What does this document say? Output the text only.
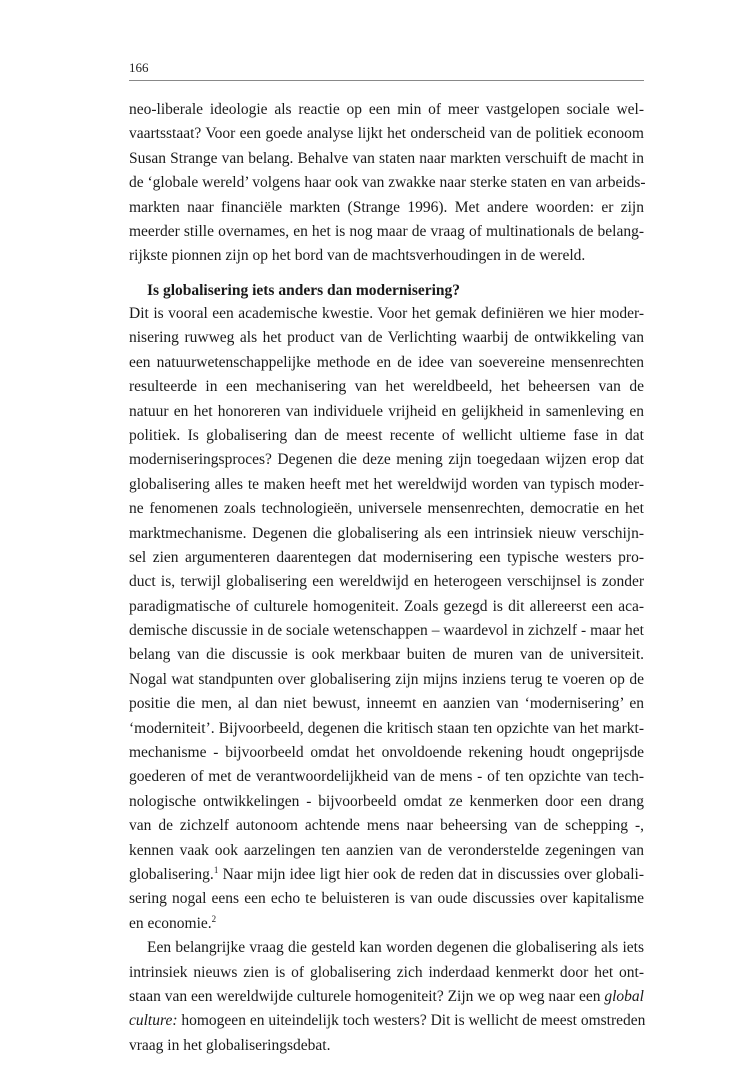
166
neo-liberale ideologie als reactie op een min of meer vastgelopen sociale wel-
vaartsstaat? Voor een goede analyse lijkt het onderscheid van de politiek econoom
Susan Strange van belang. Behalve van staten naar markten verschuift de macht in
de ‘globale wereld’ volgens haar ook van zwakke naar sterke staten en van arbeids-
markten naar financiële markten (Strange 1996). Met andere woorden: er zijn
meerder stille overnames, en het is nog maar de vraag of multinationals de belang-
rijkste pionnen zijn op het bord van de machtsverhoudingen in de wereld.
Is globalisering iets anders dan modernisering?
Dit is vooral een academische kwestie. Voor het gemak definiëren we hier moder-
nisering ruwweg als het product van de Verlichting waarbij de ontwikkeling van
een natuurwetenschappelijke methode en de idee van soevereine mensenrechten
resulteerde in een mechanisering van het wereldbeeld, het beheersen van de
natuur en het honoreren van individuele vrijheid en gelijkheid in samenleving en
politiek. Is globalisering dan de meest recente of wellicht ultieme fase in dat
moderniseringsproces? Degenen die deze mening zijn toegedaan wijzen erop dat
globalisering alles te maken heeft met het wereldwijd worden van typisch moder-
ne fenomenen zoals technologieën, universele mensenrechten, democratie en het
marktmechanisme. Degenen die globalisering als een intrinsiek nieuw verschijn-
sel zien argumenteren daarentegen dat modernisering een typische westers pro-
duct is, terwijl globalisering een wereldwijd en heterogeen verschijnsel is zonder
paradigmatische of culturele homogeniteit. Zoals gezegd is dit allereerst een aca-
demische discussie in de sociale wetenschappen – waardevol in zichzelf - maar het
belang van die discussie is ook merkbaar buiten de muren van de universiteit.
Nogal wat standpunten over globalisering zijn mijns inziens terug te voeren op de
positie die men, al dan niet bewust, inneemt en aanzien van ‘modernisering’ en
‘moderniteit’. Bijvoorbeeld, degenen die kritisch staan ten opzichte van het markt-
mechanisme - bijvoorbeeld omdat het onvoldoende rekening houdt ongeprijsde
goederen of met de verantwoordelijkheid van de mens - of ten opzichte van tech-
nologische ontwikkelingen - bijvoorbeeld omdat ze kenmerken door een drang
van de zichzelf autonoom achtende mens naar beheersing van de schepping -,
kennen vaak ook aarzelingen ten aanzien van de veronderstelde zegeningen van
globalisering.$^1$ Naar mijn idee ligt hier ook de reden dat in discussies over globali-
sering nogal eens een echo te beluisteren is van oude discussies over kapitalisme
en economie.$^2$
Een belangrijke vraag die gesteld kan worden degenen die globalisering als iets
intrinsiek nieuws zien is of globalisering zich inderdaad kenmerkt door het ont-
staan van een wereldwijde culturele homogeniteit? Zijn we op weg naar een global
culture: homogeen en uiteindelijk toch westers? Dit is wellicht de meest omstreden
vraag in het globaliseringsdebat.
